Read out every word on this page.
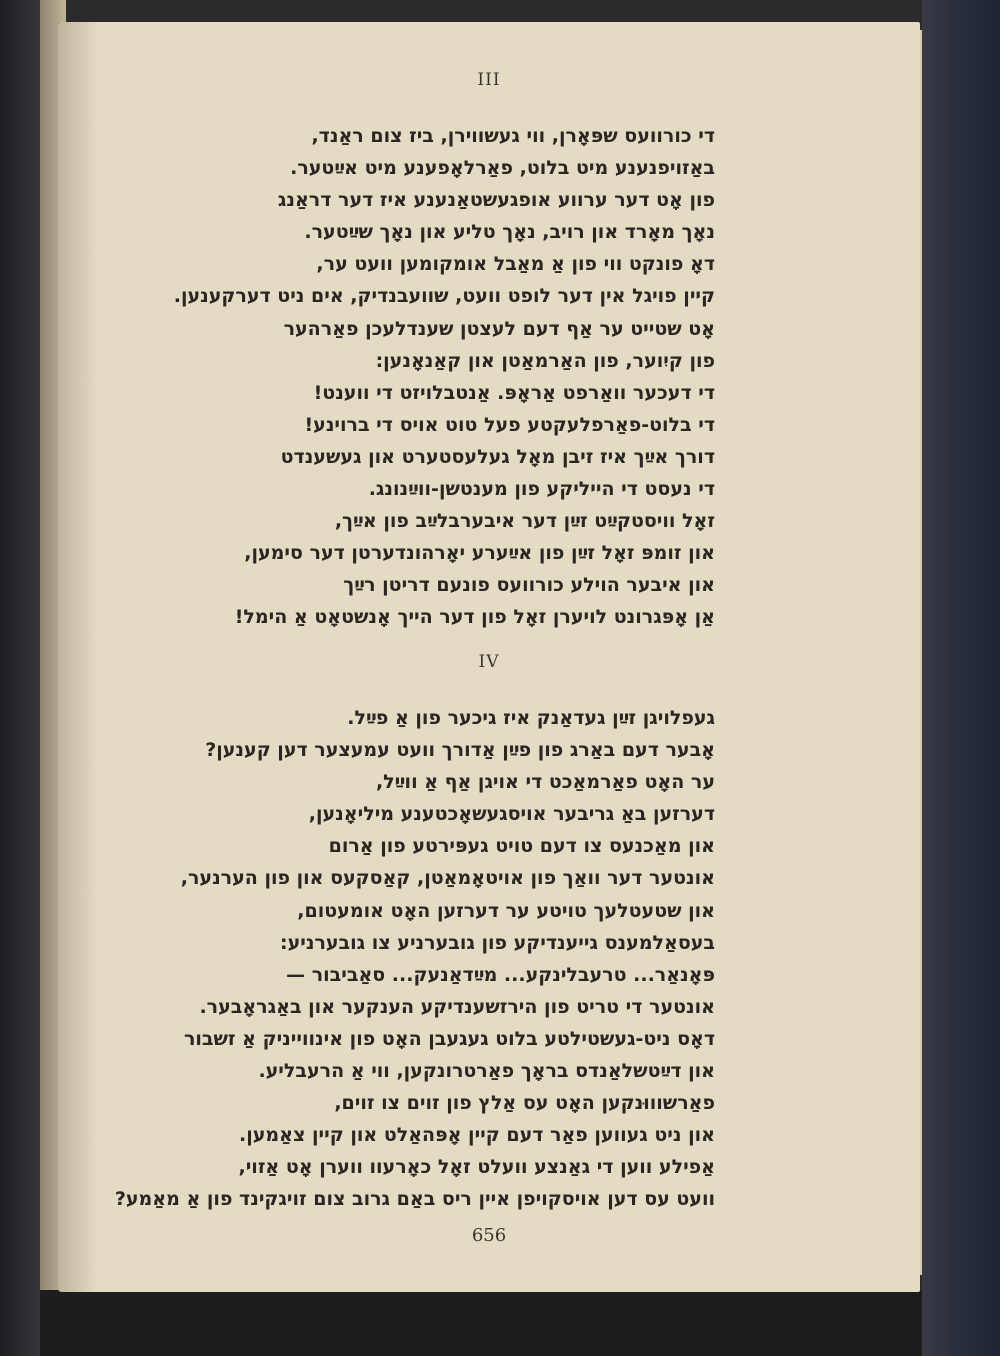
III
די כורוועס שפּאָרן, ווי געשווירן, ביז צום ראַנד,
באַזויפנענע מיט בלוט, פאַרלאָפענע מיט אײַטער.
פון אָט דער ערווע אופגעשטאַנענע איז דער דראַנג
נאָך מאָרד און רויב, נאָך טליע און נאָך שײַטער.
דאָ פונקט ווי פון אַ מאַבל אומקומען וועט ער,
קיין פויגל אין דער לופט וועט, שוועבנדיק, אים ניט דערקענען.
אָט שטייט ער אַף דעם לעצטן שענדלעכן פאַרהער
פון קיִוער, פון האַרמאַטן און קאַנאָנען:
די דעכער וואַרפט אַראָפּ. אַנטבלויזט די ווענט!
די בלוט-פאַרפלעקטע פעל טוט אויס די ברוינע!
דורך אײַך איז זיבן מאָל געלעסטערט און געשענדט
די נעסט די הייליקע פון מענטשן-ווײַנונג.
זאָל וויסטקײַט זײַן דער איבערבלײַב פון אײַך,
און זומפּ זאָל זײַן פון אײַערע יאָרהונדערטן דער סימען,
און איבער הוילע כורוועס פונעם דריטן רײַך
אַן אָפּגרונט לויערן זאָל פון דער הייך אָנשטאָט אַ הימל!
IV
געפלויגן זײַן געדאַנק איז גיכער פון אַ פײַל.
אָבער דעם באַרג פון פײַן אַדורך וועט עמעצער דען קענען?
ער האָט פאַרמאַכט די אויגן אַף אַ ווײַל,
דערזען באַ גריבער אויסגעשאָכטענע מיליאָנען,
און מאַכנעס צו דעם טויט געפּירטע פון אַרום
אונטער דער וואַך פון אויטאָמאַטן, קאַסקעס און פון הערנער,
און שטעטלעך טויטע ער דערזען האָט אומעטום,
בעסאַלמענס גייענדיקע פון גובערניע צו גובערניע:
פּאָנאַר... טרעבלינקע... מײַדאַנעק... סאַביבור —
אונטער די טריט פון הירזשענדיקע הענקער און באַגראָבער.
דאָס ניט-געשטילטע בלוט געגעבן האָט פון אינווייניק אַ זשבור
און דײַטשלאַנדס בראָך פאַרטרונקען, ווי אַ הרעבליע.
פאַרשוווּנקען האָט עס אַלץ פון זוים צו זוים,
און ניט געווען פאַר דעם קיין אָפּהאַלט און קיין צאַמען.
אַפילע ווען די גאַנצע וועלט זאָל כאָרעוו ווערן אָט אַזוי,
וועט עס דען אויסקויפן איין ריס באַם גרוב צום זויגקינד פון אַ מאַמע?
656
